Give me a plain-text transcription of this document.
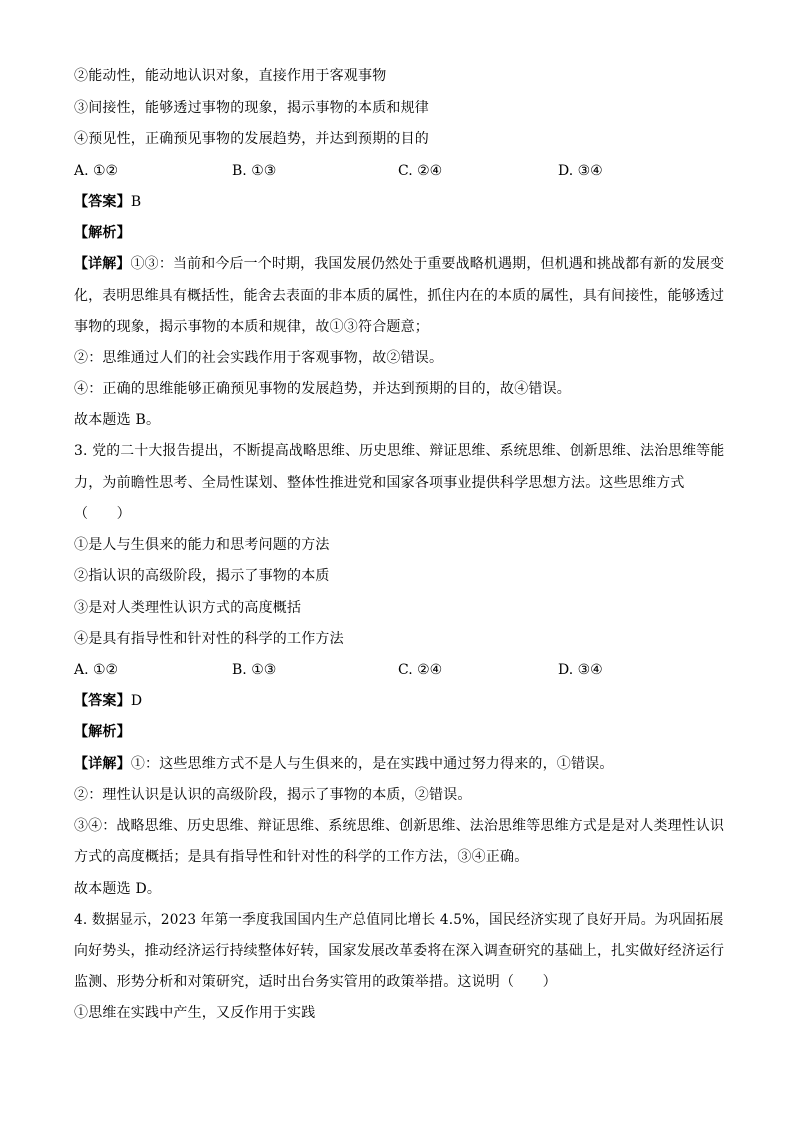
②能动性，能动地认识对象，直接作用于客观事物
③间接性，能够透过事物的现象，揭示事物的本质和规律
④预见性，正确预见事物的发展趋势，并达到预期的目的
A. ①②	B. ①③	C. ②④	D. ③④
【答案】B
【解析】
【详解】①③：当前和今后一个时期，我国发展仍然处于重要战略机遇期，但机遇和挑战都有新的发展变
化，表明思维具有概括性，能舍去表面的非本质的属性，抓住内在的本质的属性，具有间接性，能够透过
事物的现象，揭示事物的本质和规律，故①③符合题意；
②：思维通过人们的社会实践作用于客观事物，故②错误。
④：正确的思维能够正确预见事物的发展趋势，并达到预期的目的，故④错误。
故本题选 B。
3. 党的二十大报告提出，不断提高战略思维、历史思维、辩证思维、系统思维、创新思维、法治思维等能
力，为前瞻性思考、全局性谋划、整体性推进党和国家各项事业提供科学思想方法。这些思维方式
（　　）
①是人与生俱来的能力和思考问题的方法
②指认识的高级阶段，揭示了事物的本质
③是对人类理性认识方式的高度概括
④是具有指导性和针对性的科学的工作方法
A. ①②	B. ①③	C. ②④	D. ③④
【答案】D
【解析】
【详解】①：这些思维方式不是人与生俱来的，是在实践中通过努力得来的，①错误。
②：理性认识是认识的高级阶段，揭示了事物的本质，②错误。
③④：战略思维、历史思维、辩证思维、系统思维、创新思维、法治思维等思维方式是是对人类理性认识
方式的高度概括；是具有指导性和针对性的科学的工作方法，③④正确。
故本题选 D。
4. 数据显示，2023 年第一季度我国国内生产总值同比增长 4.5%，国民经济实现了良好开局。为巩固拓展
向好势头，推动经济运行持续整体好转，国家发展改革委将在深入调查研究的基础上，扎实做好经济运行
监测、形势分析和对策研究，适时出台务实管用的政策举措。这说明（　　）
①思维在实践中产生，又反作用于实践
